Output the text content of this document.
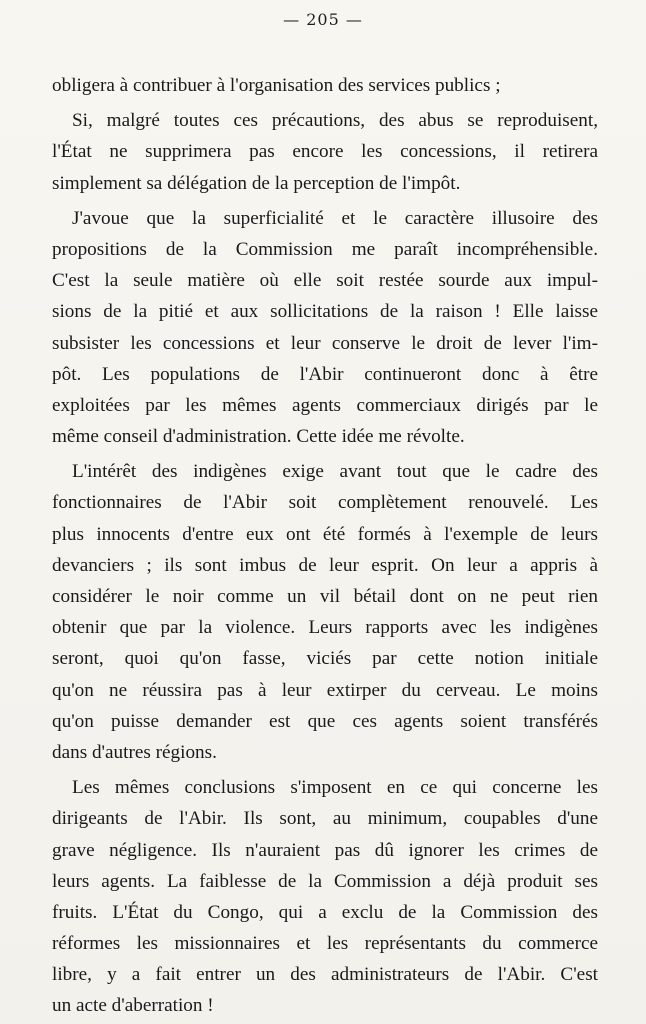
— 205 —
obligera à contribuer à l'organisation des services publics ;
Si, malgré toutes ces précautions, des abus se reproduisent,
l'État ne supprimera pas encore les concessions, il retirera
simplement sa délégation de la perception de l'impôt.
J'avoue que la superficialité et le caractère illusoire des
propositions de la Commission me paraît incompréhensible.
C'est la seule matière où elle soit restée sourde aux impul-
sions de la pitié et aux sollicitations de la raison ! Elle laisse
subsister les concessions et leur conserve le droit de lever l'im-
pôt. Les populations de l'Abir continueront donc à être
exploitées par les mêmes agents commerciaux dirigés par le
même conseil d'administration. Cette idée me révolte.
L'intérêt des indigènes exige avant tout que le cadre des
fonctionnaires de l'Abir soit complètement renouvelé. Les
plus innocents d'entre eux ont été formés à l'exemple de leurs
devanciers ; ils sont imbus de leur esprit. On leur a appris à
considérer le noir comme un vil bétail dont on ne peut rien
obtenir que par la violence. Leurs rapports avec les indigènes
seront, quoi qu'on fasse, viciés par cette notion initiale
qu'on ne réussira pas à leur extirper du cerveau. Le moins
qu'on puisse demander est que ces agents soient transférés
dans d'autres régions.
Les mêmes conclusions s'imposent en ce qui concerne les
dirigeants de l'Abir. Ils sont, au minimum, coupables d'une
grave négligence. Ils n'auraient pas dû ignorer les crimes de
leurs agents. La faiblesse de la Commission a déjà produit ses
fruits. L'État du Congo, qui a exclu de la Commission des
réformes les missionnaires et les représentants du commerce
libre, y a fait entrer un des administrateurs de l'Abir. C'est
un acte d'aberration !
